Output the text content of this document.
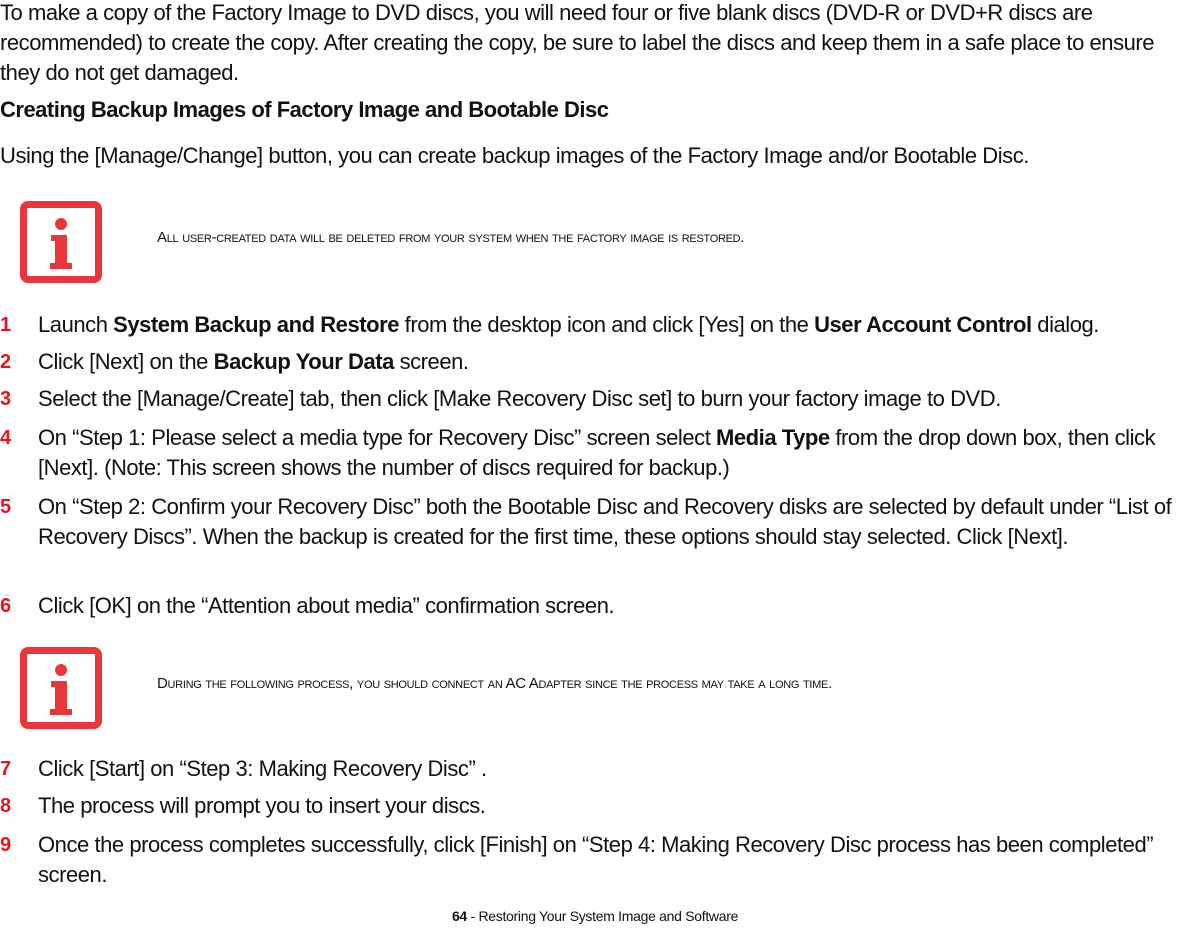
To make a copy of the Factory Image to DVD discs, you will need four or five blank discs (DVD-R or DVD+R discs are recommended) to create the copy. After creating the copy, be sure to label the discs and keep them in a safe place to ensure they do not get damaged.
Creating Backup Images of Factory Image and Bootable Disc
Using the [Manage/Change] button, you can create backup images of the Factory Image and/or Bootable Disc.
All user-created data will be deleted from your system when the factory image is restored.
During the following process, you should connect an AC Adapter since the process may take a long time.
64 - Restoring Your System Image and Software
1	Launch System Backup and Restore from the desktop icon and click [Yes] on the User Account Control dialog.
2	Click [Next] on the Backup Your Data screen.
3	Select the [Manage/Create] tab, then click [Make Recovery Disc set] to burn your factory image to DVD.
4	On “Step 1: Please select a media type for Recovery Disc” screen select Media Type from the drop down box, then click [Next]. (Note: This screen shows the number of discs required for backup.)
5	On “Step 2: Confirm your Recovery Disc” both the Bootable Disc and Recovery disks are selected by default under “List of Recovery Discs”. When the backup is created for the first time, these options should stay selected. Click [Next].
6	Click [OK] on the “Attention about media” confirmation screen.
7	Click [Start] on “Step 3: Making Recovery Disc” .
8	The process will prompt you to insert your discs.
9	Once the process completes successfully, click [Finish] on “Step 4: Making Recovery Disc process has been completed” screen.
